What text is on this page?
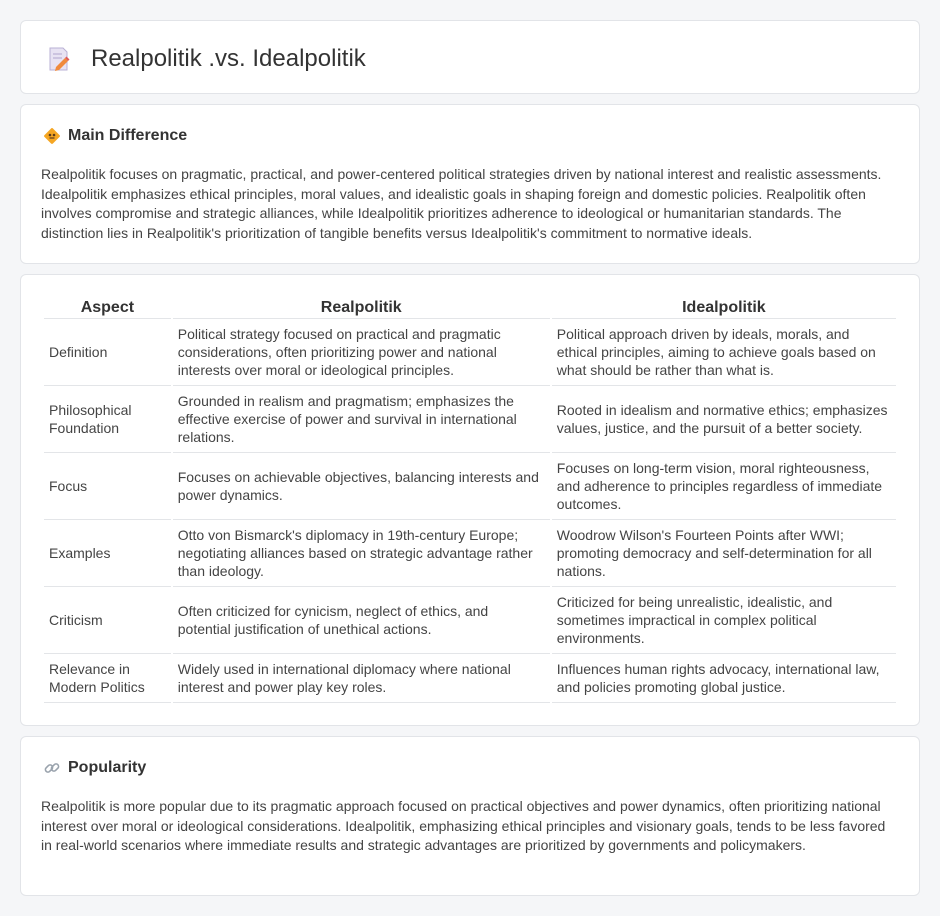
Realpolitik .vs. Idealpolitik
Main Difference

Realpolitik focuses on pragmatic, practical, and power-centered political strategies driven by national interest and realistic assessments. Idealpolitik emphasizes ethical principles, moral values, and idealistic goals in shaping foreign and domestic policies. Realpolitik often involves compromise and strategic alliances, while Idealpolitik prioritizes adherence to ideological or humanitarian standards. The distinction lies in Realpolitik's prioritization of tangible benefits versus Idealpolitik's commitment to normative ideals.

Aspect	Realpolitik	Idealpolitik
Definition	Political strategy focused on practical and pragmatic considerations, often prioritizing power and national interests over moral or ideological principles.	Political approach driven by ideals, morals, and ethical principles, aiming to achieve goals based on what should be rather than what is.
Philosophical Foundation	Grounded in realism and pragmatism; emphasizes the effective exercise of power and survival in international relations.	Rooted in idealism and normative ethics; emphasizes values, justice, and the pursuit of a better society.
Focus	Focuses on achievable objectives, balancing interests and power dynamics.	Focuses on long-term vision, moral righteousness, and adherence to principles regardless of immediate outcomes.
Examples	Otto von Bismarck's diplomacy in 19th-century Europe; negotiating alliances based on strategic advantage rather than ideology.	Woodrow Wilson's Fourteen Points after WWI; promoting democracy and self-determination for all nations.
Criticism	Often criticized for cynicism, neglect of ethics, and potential justification of unethical actions.	Criticized for being unrealistic, idealistic, and sometimes impractical in complex political environments.
Relevance in Modern Politics	Widely used in international diplomacy where national interest and power play key roles.	Influences human rights advocacy, international law, and policies promoting global justice.
Popularity

Realpolitik is more popular due to its pragmatic approach focused on practical objectives and power dynamics, often prioritizing national interest over moral or ideological considerations. Idealpolitik, emphasizing ethical principles and visionary goals, tends to be less favored in real-world scenarios where immediate results and strategic advantages are prioritized by governments and policymakers.
